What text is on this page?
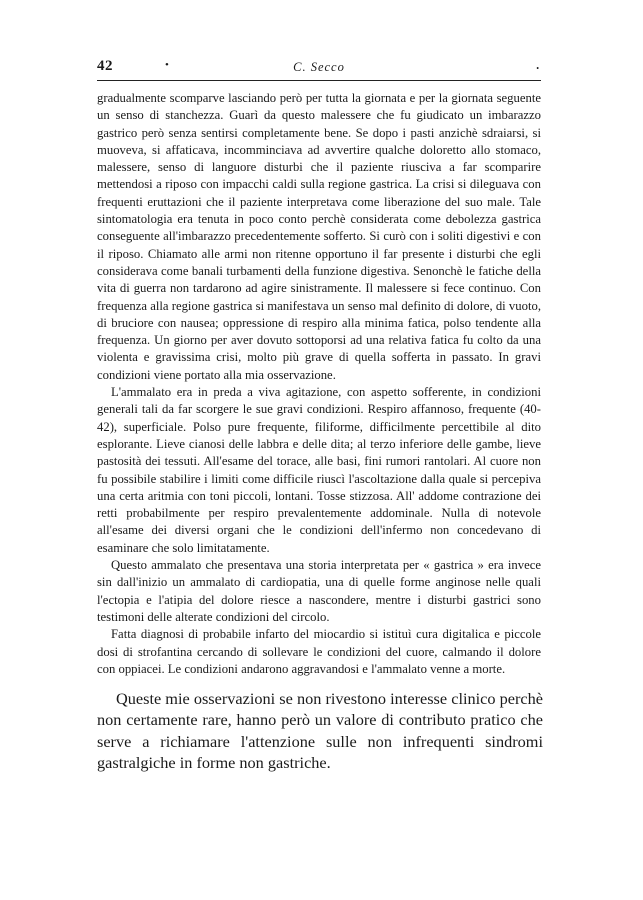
42	•	C. Secco	•

gradualmente scomparve lasciando però per tutta la giornata e per la giornata seguente un senso di stanchezza. Guarì da questo malessere che fu giudicato un imbarazzo gastrico però senza sentirsi completamente bene. Se dopo i pasti anzichè sdraiarsi, si muoveva, si affaticava, incomminciava ad avvertire qualche doloretto allo stomaco, malessere, senso di languore disturbi che il paziente riusciva a far scomparire mettendosi a riposo con impacchi caldi sulla regione gastrica. La crisi si dileguava con frequenti eruttazioni che il paziente interpretava come liberazione del suo male. Tale sintomatologia era tenuta in poco conto perchè considerata come debolezza gastrica conseguente all'imbarazzo precedentemente sofferto. Si curò con i soliti digestivi e con il riposo. Chiamato alle armi non ritenne opportuno il far presente i disturbi che egli considerava come banali turbamenti della funzione digestiva. Senonchè le fatiche della vita di guerra non tardarono ad agire sinistramente. Il malessere si fece continuo. Con frequenza alla regione gastrica si manifestava un senso mal definito di dolore, di vuoto, di bruciore con nausea; oppressione di respiro alla minima fatica, polso tendente alla frequenza. Un giorno per aver dovuto sottoporsi ad una relativa fatica fu colto da una violenta e gravissima crisi, molto più grave di quella sofferta in passato. In gravi condizioni viene portato alla mia osservazione.

L'ammalato era in preda a viva agitazione, con aspetto sofferente, in condizioni generali tali da far scorgere le sue gravi condizioni. Respiro affannoso, frequente (40-42), superficiale. Polso pure frequente, filiforme, difficilmente percettibile al dito esplorante. Lieve cianosi delle labbra e delle dita; al terzo inferiore delle gambe, lieve pastosità dei tessuti. All'esame del torace, alle basi, fini rumori rantolari. Al cuore non fu possibile stabilire i limiti come difficile riuscì l'ascoltazione dalla quale si percepiva una certa aritmia con toni piccoli, lontani. Tosse stizzosa. All' addome contrazione dei retti probabilmente per respiro prevalentemente addominale. Nulla di notevole all'esame dei diversi organi che le condizioni dell'infermo non concedevano di esaminare che solo limitatamente.

Questo ammalato che presentava una storia interpretata per « gastrica » era invece sin dall'inizio un ammalato di cardiopatia, una di quelle forme anginose nelle quali l'ectopia e l'atipia del dolore riesce a nascondere, mentre i disturbi gastrici sono testimoni delle alterate condizioni del circolo.

Fatta diagnosi di probabile infarto del miocardio si istituì cura digitalica e piccole dosi di strofantina cercando di sollevare le condizioni del cuore, calmando il dolore con oppiacei. Le condizioni andarono aggravandosi e l'ammalato venne a morte.

Queste mie osservazioni se non rivestono interesse clinico perchè non certamente rare, hanno però un valore di contributo pratico che serve a richiamare l'attenzione sulle non infrequenti sindromi gastralgiche in forme non gastriche.
